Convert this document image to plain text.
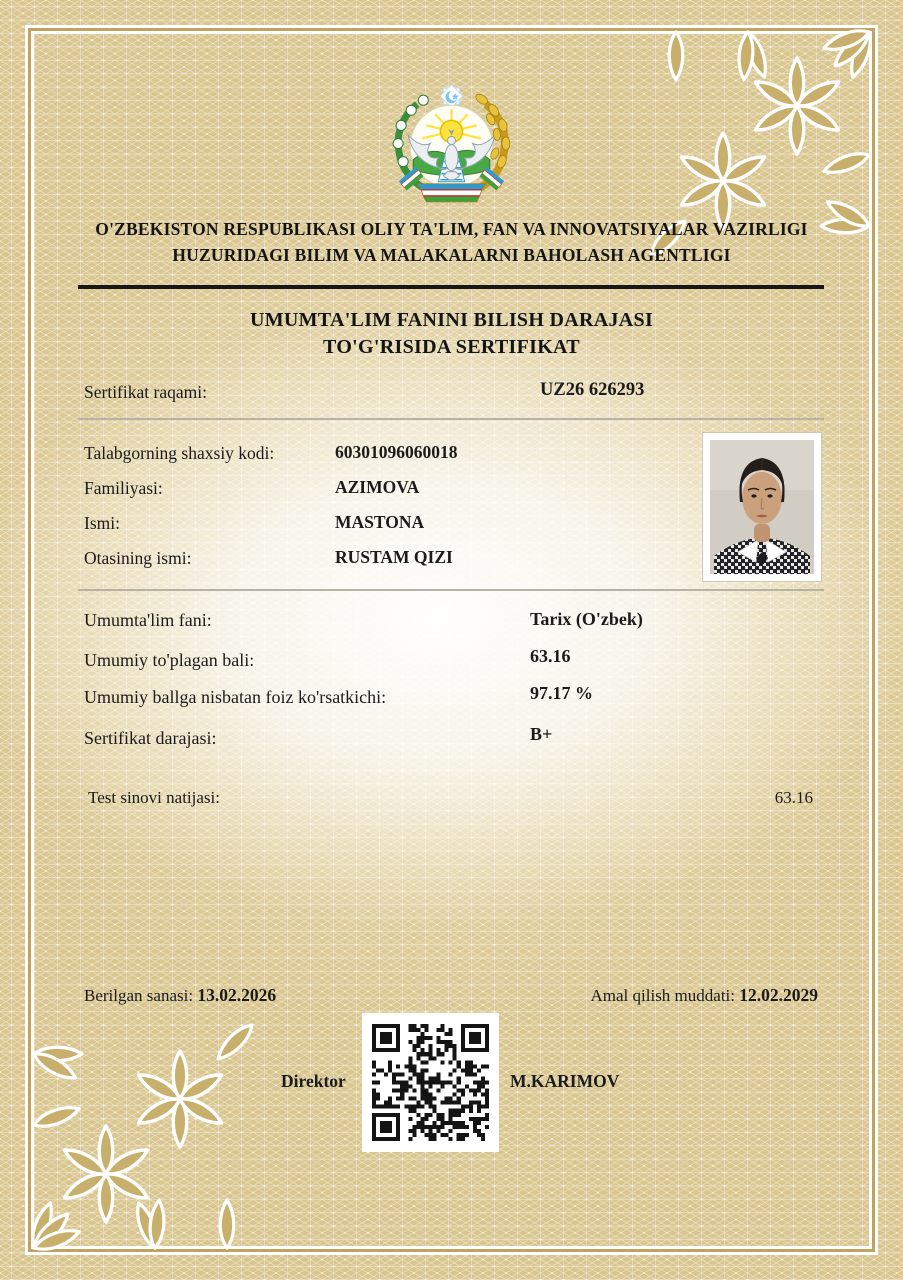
O'ZBEKISTON RESPUBLIKASI OLIY TA'LIM, FAN VA INNOVATSIYALAR VAZIRLIGI
HUZURIDAGI BILIM VA MALAKALARNI BAHOLASH AGENTLIGI
UMUMTA'LIM FANINI BILISH DARAJASI
TO'G'RISIDA SERTIFIKAT
Sertifikat raqami:	UZ26 626293
Talabgorning shaxsiy kodi:	60301096060018
Familiyasi:	AZIMOVA
Ismi:	MASTONA
Otasining ismi:	RUSTAM QIZI
Umumta'lim fani:	Tarix (O'zbek)
Umumiy to'plagan bali:	63.16
Umumiy ballga nisbatan foiz ko'rsatkichi:	97.17 %
Sertifikat darajasi:	B+
Test sinovi natijasi:	63.16
Berilgan sanasi: 13.02.2026	Amal qilish muddati: 12.02.2029
Direktor	M.KARIMOV
